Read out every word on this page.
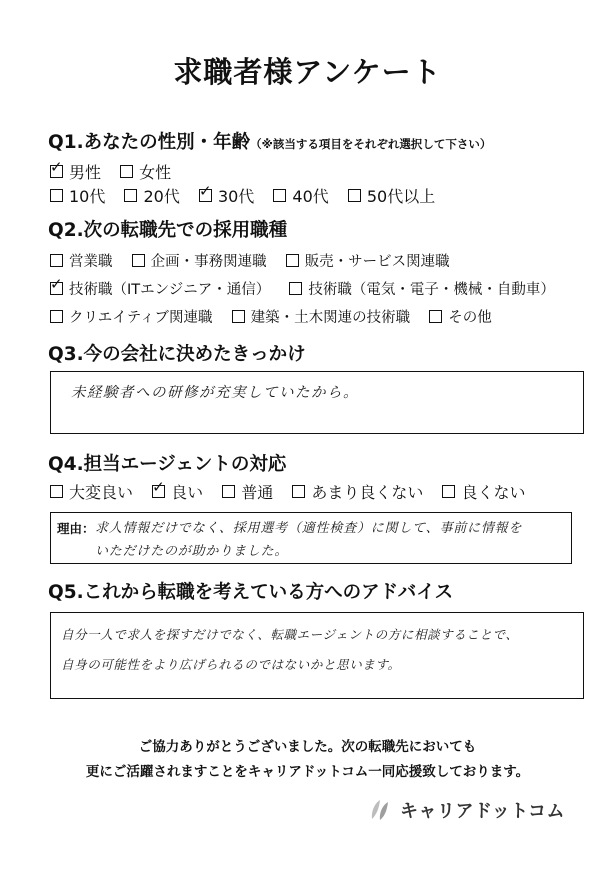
求職者様アンケート
Q1.あなたの性別・年齢（※該当する項目をそれぞれ選択して下さい）
✓ 男性
女性
10代
20代
✓ 30代
40代
50代以上
Q2.次の転職先での採用職種
営業職
	企画・事務関連職
	販売・サービス関連職
✓ 技術職（ITエンジニア・通信）
	技術職（電気・電子・機械・自動車）
クリエイティブ関連職
	建築・土木関連の技術職
	その他
Q3.今の会社に決めたきっかけ
未経験者への研修が充実していたから。
Q4.担当エージェントの対応
大変良い
✓ 良い
普通
あまり良くない
良くない
理由： 求人情報だけでなく、採用選考（適性検査）に関して、事前に情報を
いただけたのが助かりました。
Q5.これから転職を考えている方へのアドバイス
自分一人で求人を探すだけでなく、転職エージェントの方に相談することで、
自身の可能性をより広げられるのではないかと思います。
ご協力ありがとうございました。次の転職先においても
更にご活躍されますことをキャリアドットコム一同応援致しております。
キャリアドットコム
